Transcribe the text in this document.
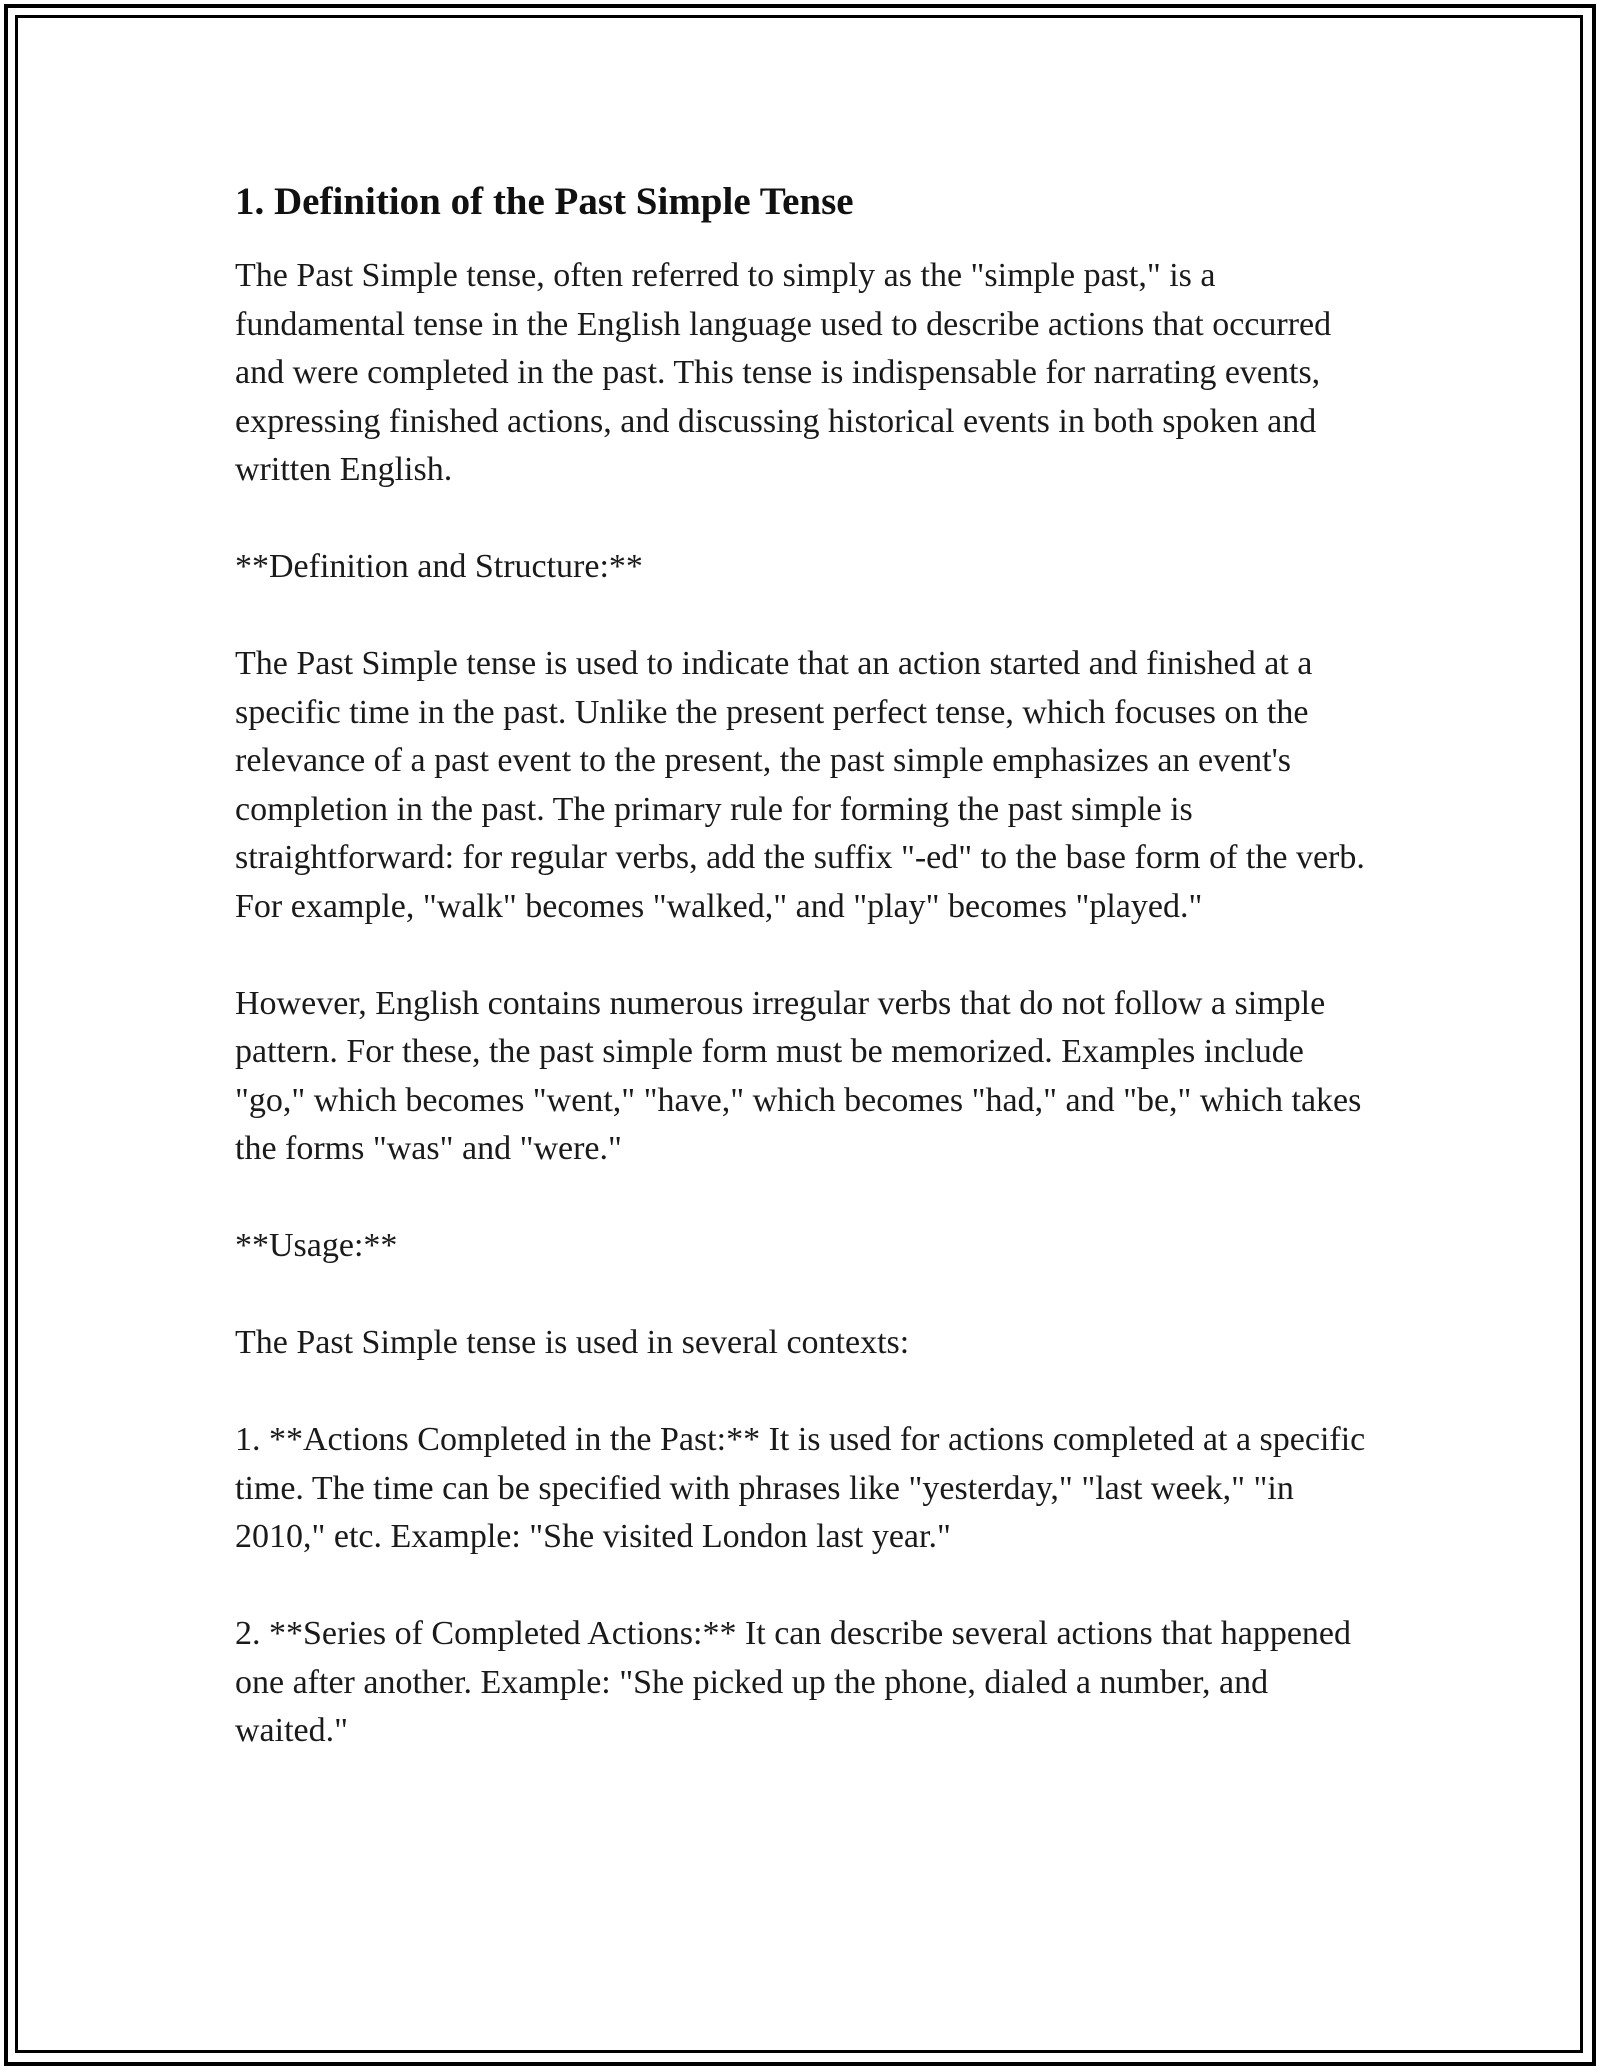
1. Definition of the Past Simple Tense

The Past Simple tense, often referred to simply as the "simple past," is a fundamental tense in the English language used to describe actions that occurred and were completed in the past. This tense is indispensable for narrating events, expressing finished actions, and discussing historical events in both spoken and written English.

**Definition and Structure:**

The Past Simple tense is used to indicate that an action started and finished at a specific time in the past. Unlike the present perfect tense, which focuses on the relevance of a past event to the present, the past simple emphasizes an event's completion in the past. The primary rule for forming the past simple is straightforward: for regular verbs, add the suffix "-ed" to the base form of the verb. For example, "walk" becomes "walked," and "play" becomes "played."

However, English contains numerous irregular verbs that do not follow a simple pattern. For these, the past simple form must be memorized. Examples include "go," which becomes "went," "have," which becomes "had," and "be," which takes the forms "was" and "were."

**Usage:**

The Past Simple tense is used in several contexts:

1. **Actions Completed in the Past:** It is used for actions completed at a specific time. The time can be specified with phrases like "yesterday," "last week," "in 2010," etc. Example: "She visited London last year."

2. **Series of Completed Actions:** It can describe several actions that happened one after another. Example: "She picked up the phone, dialed a number, and waited."
